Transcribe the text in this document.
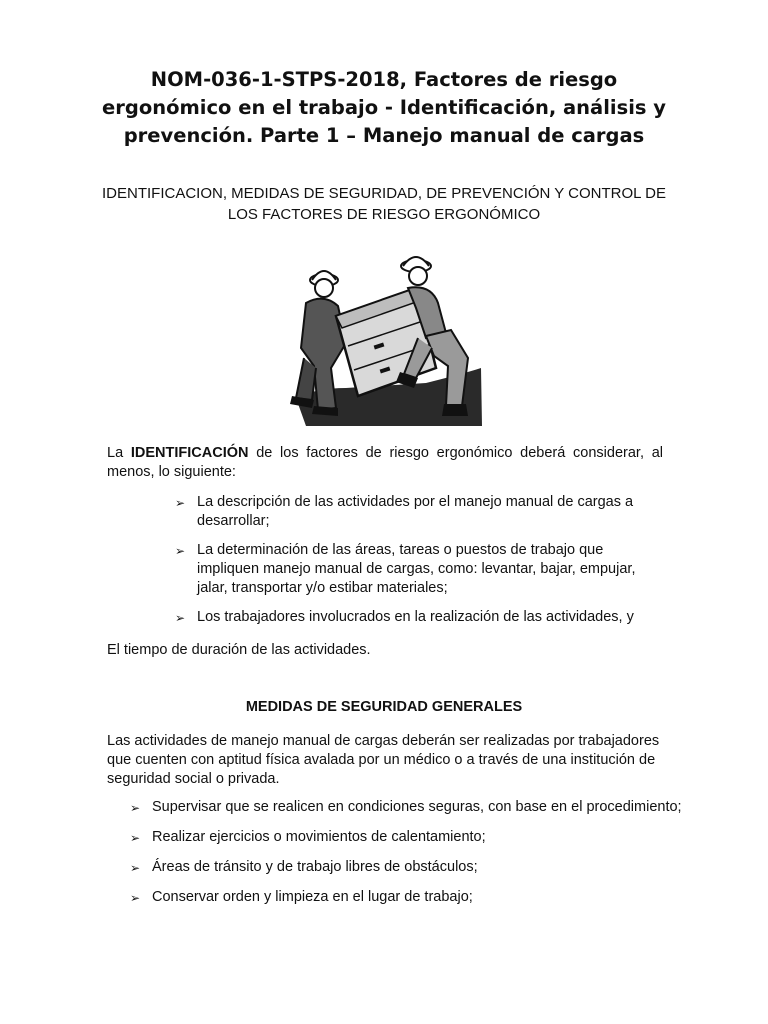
NOM-036-1-STPS-2018, Factores de riesgo
ergonómico en el trabajo - Identificación, análisis y
prevención. Parte 1 – Manejo manual de cargas
IDENTIFICACION, MEDIDAS DE SEGURIDAD, DE PREVENCIÓN Y CONTROL DE
LOS FACTORES DE RIESGO ERGONÓMICO
La IDENTIFICACIÓN de los factores de riesgo ergonómico deberá considerar, al menos, lo siguiente:
➢ La descripción de las actividades por el manejo manual de cargas a
desarrollar;
➢ La determinación de las áreas, tareas o puestos de trabajo que
impliquen manejo manual de cargas, como: levantar, bajar, empujar,
jalar, transportar y/o estibar materiales;
➢ Los trabajadores involucrados en la realización de las actividades, y
El tiempo de duración de las actividades.
MEDIDAS DE SEGURIDAD GENERALES
Las actividades de manejo manual de cargas deberán ser realizadas por trabajadores
que cuenten con aptitud física avalada por un médico o a través de una institución de
seguridad social o privada.
➢ Supervisar que se realicen en condiciones seguras, con base en el procedimiento;
➢ Realizar ejercicios o movimientos de calentamiento;
➢ Áreas de tránsito y de trabajo libres de obstáculos;
➢ Conservar orden y limpieza en el lugar de trabajo;
